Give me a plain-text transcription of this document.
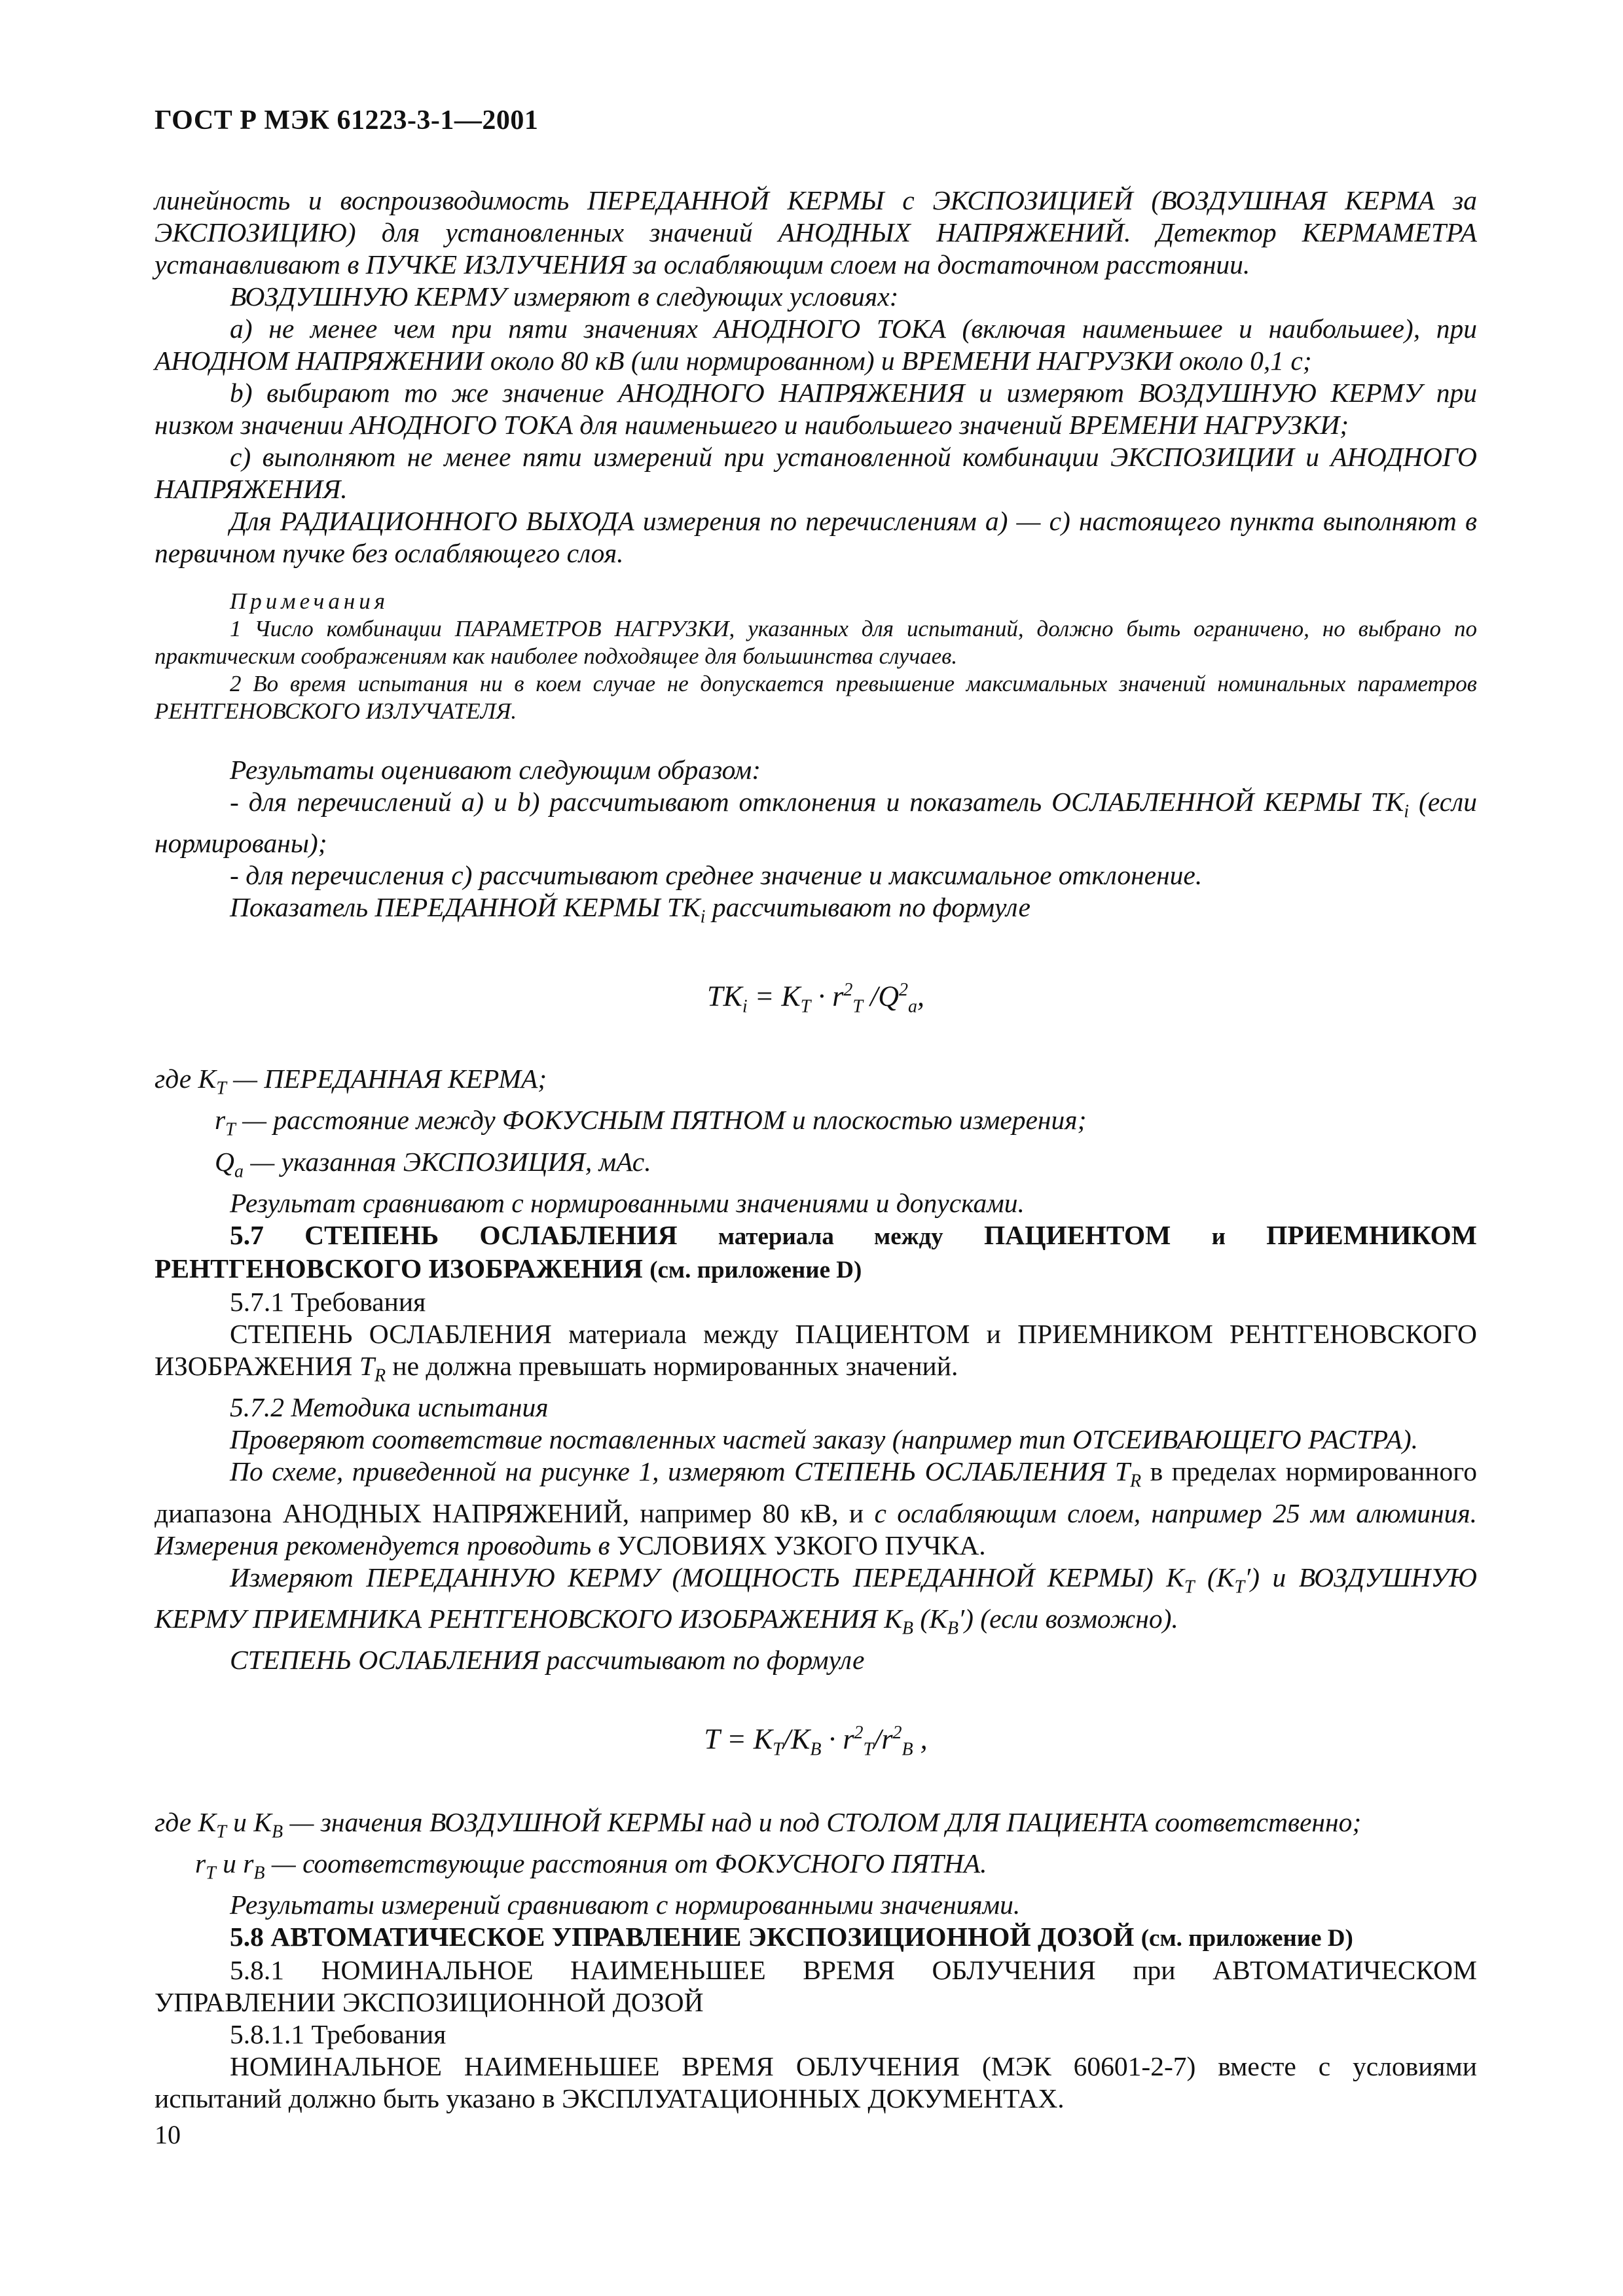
ГОСТ Р МЭК 61223-3-1—2001

линейность и воспроизводимость ПЕРЕДАННОЙ КЕРМЫ с ЭКСПОЗИЦИЕЙ (ВОЗДУШНАЯ КЕРМА за ЭКСПОЗИЦИЮ) для установленных значений АНОДНЫХ НАПРЯЖЕНИЙ. Детектор КЕРМАМЕТРА устанавливают в ПУЧКЕ ИЗЛУЧЕНИЯ за ослабляющим слоем на достаточном расстоянии.

ВОЗДУШНУЮ КЕРМУ измеряют в следующих условиях:

a) не менее чем при пяти значениях АНОДНОГО ТОКА (включая наименьшее и наибольшее), при АНОДНОМ НАПРЯЖЕНИИ около 80 кВ (или нормированном) и ВРЕМЕНИ НАГРУЗКИ около 0,1 с;

b) выбирают то же значение АНОДНОГО НАПРЯЖЕНИЯ и измеряют ВОЗДУШНУЮ КЕРМУ при низком значении АНОДНОГО ТОКА для наименьшего и наибольшего значений ВРЕМЕНИ НАГРУЗКИ;

c) выполняют не менее пяти измерений при установленной комбинации ЭКСПОЗИЦИИ и АНОДНОГО НАПРЯЖЕНИЯ.

Для РАДИАЦИОННОГО ВЫХОДА измерения по перечислениям a) — c) настоящего пункта выполняют в первичном пучке без ослабляющего слоя.

Примечания

1 Число комбинации ПАРАМЕТРОВ НАГРУЗКИ, указанных для испытаний, должно быть ограничено, но выбрано по практическим соображениям как наиболее подходящее для большинства случаев.

2 Во время испытания ни в коем случае не допускается превышение максимальных значений номинальных параметров РЕНТГЕНОВСКОГО ИЗЛУЧАТЕЛЯ.

Результаты оценивают следующим образом:

- для перечислений a) и b) рассчитывают отклонения и показатель ОСЛАБЛЕННОЙ КЕРМЫ $TK_i$ (если нормированы);

- для перечисления c) рассчитывают среднее значение и максимальное отклонение.

Показатель ПЕРЕДАННОЙ КЕРМЫ $TK_i$ рассчитывают по формуле

$TK_i = K_T \cdot r^2_T$ $/Q^2_a$,

где $K_T$ — ПЕРЕДАННАЯ КЕРМА;

$r_T$ — расстояние между ФОКУСНЫМ ПЯТНОМ и плоскостью измерения;

$Q_a$ — указанная ЭКСПОЗИЦИЯ, мАс.

Результат сравнивают с нормированными значениями и допусками.

5.7 СТЕПЕНЬ ОСЛАБЛЕНИЯ материала между ПАЦИЕНТОМ и ПРИЕМНИКОМ РЕНТГЕНОВСКОГО ИЗОБРАЖЕНИЯ (см. приложение D)

5.7.1 Требования

СТЕПЕНЬ ОСЛАБЛЕНИЯ материала между ПАЦИЕНТОМ и ПРИЕМНИКОМ РЕНТГЕНОВСКОГО ИЗОБРАЖЕНИЯ $T_R$ не должна превышать нормированных значений.

5.7.2 Методика испытания

Проверяют соответствие поставленных частей заказу (например тип ОТСЕИВАЮЩЕГО РАСТРА).

По схеме, приведенной на рисунке 1, измеряют СТЕПЕНЬ ОСЛАБЛЕНИЯ $T_R$ в пределах нормированного диапазона АНОДНЫХ НАПРЯЖЕНИЙ, например 80 кВ, и с ослабляющим слоем, например 25 мм алюминия. Измерения рекомендуется проводить в УСЛОВИЯХ УЗКОГО ПУЧКА.

Измеряют ПЕРЕДАННУЮ КЕРМУ (МОЩНОСТЬ ПЕРЕДАННОЙ КЕРМЫ) $K_T$ $(K_T')$ и ВОЗДУШНУЮ КЕРМУ ПРИЕМНИКА РЕНТГЕНОВСКОГО ИЗОБРАЖЕНИЯ $K_B$ $(K_B')$ (если возможно).

СТЕПЕНЬ ОСЛАБЛЕНИЯ рассчитывают по формуле

$T = K_T/K_B \cdot r^2_T/r^2_B$ ,

где $K_T$ и $K_B$ — значения ВОЗДУШНОЙ КЕРМЫ над и под СТОЛОМ ДЛЯ ПАЦИЕНТА соответственно;

$r_T$ и $r_B$ — соответствующие расстояния от ФОКУСНОГО ПЯТНА.

Результаты измерений сравнивают с нормированными значениями.

5.8 АВТОМАТИЧЕСКОЕ УПРАВЛЕНИЕ ЭКСПОЗИЦИОННОЙ ДОЗОЙ (см. приложение D)

5.8.1 НОМИНАЛЬНОЕ НАИМЕНЬШЕЕ ВРЕМЯ ОБЛУЧЕНИЯ при АВТОМАТИЧЕСКОМ УПРАВЛЕНИИ ЭКСПОЗИЦИОННОЙ ДОЗОЙ

5.8.1.1 Требования

НОМИНАЛЬНОЕ НАИМЕНЬШЕЕ ВРЕМЯ ОБЛУЧЕНИЯ (МЭК 60601-2-7) вместе с условиями испытаний должно быть указано в ЭКСПЛУАТАЦИОННЫХ ДОКУМЕНТАХ.

10
